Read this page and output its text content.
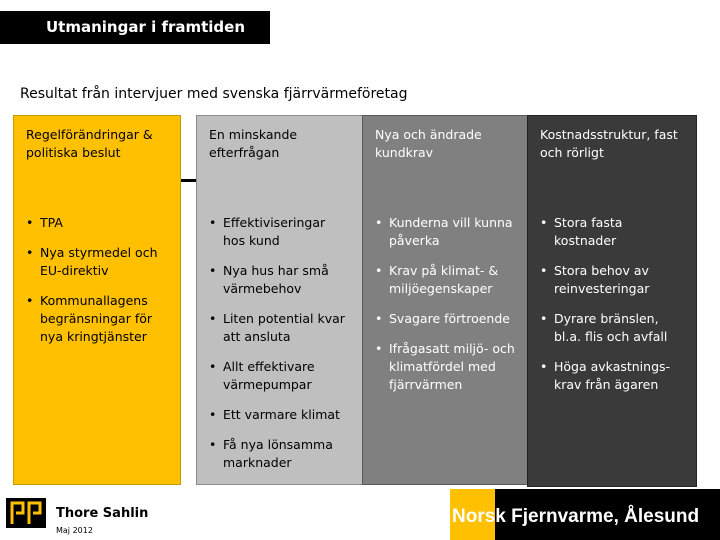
Utmaningar i framtiden
Resultat från intervjuer med svenska fjärrvärmeföretag
Regelförändringar & politiska beslut
• TPA
• Nya styrmedel och EU-direktiv
• Kommunallagens begränsningar för nya kringtjänster
En minskande efterfrågan
• Effektiviseringar hos kund
• Nya hus har små värmebehov
• Liten potential kvar att ansluta
• Allt effektivare värmepumpar
• Ett varmare klimat
• Få nya lönsamma marknader
Nya och ändrade kundkrav
• Kunderna vill kunna påverka
• Krav på klimat- & miljöegenskaper
• Svagare förtroende
• Ifrågasatt miljö- och klimatfördel med fjärrvärmen
Kostnadsstruktur, fast och rörligt
• Stora fasta kostnader
• Stora behov av reinvesteringar
• Dyrare bränslen, bl.a. flis och avfall
• Höga avkastnings-krav från ägaren
Thore Sahlin
Maj 2012
Norsk Fjernvarme, Ålesund
